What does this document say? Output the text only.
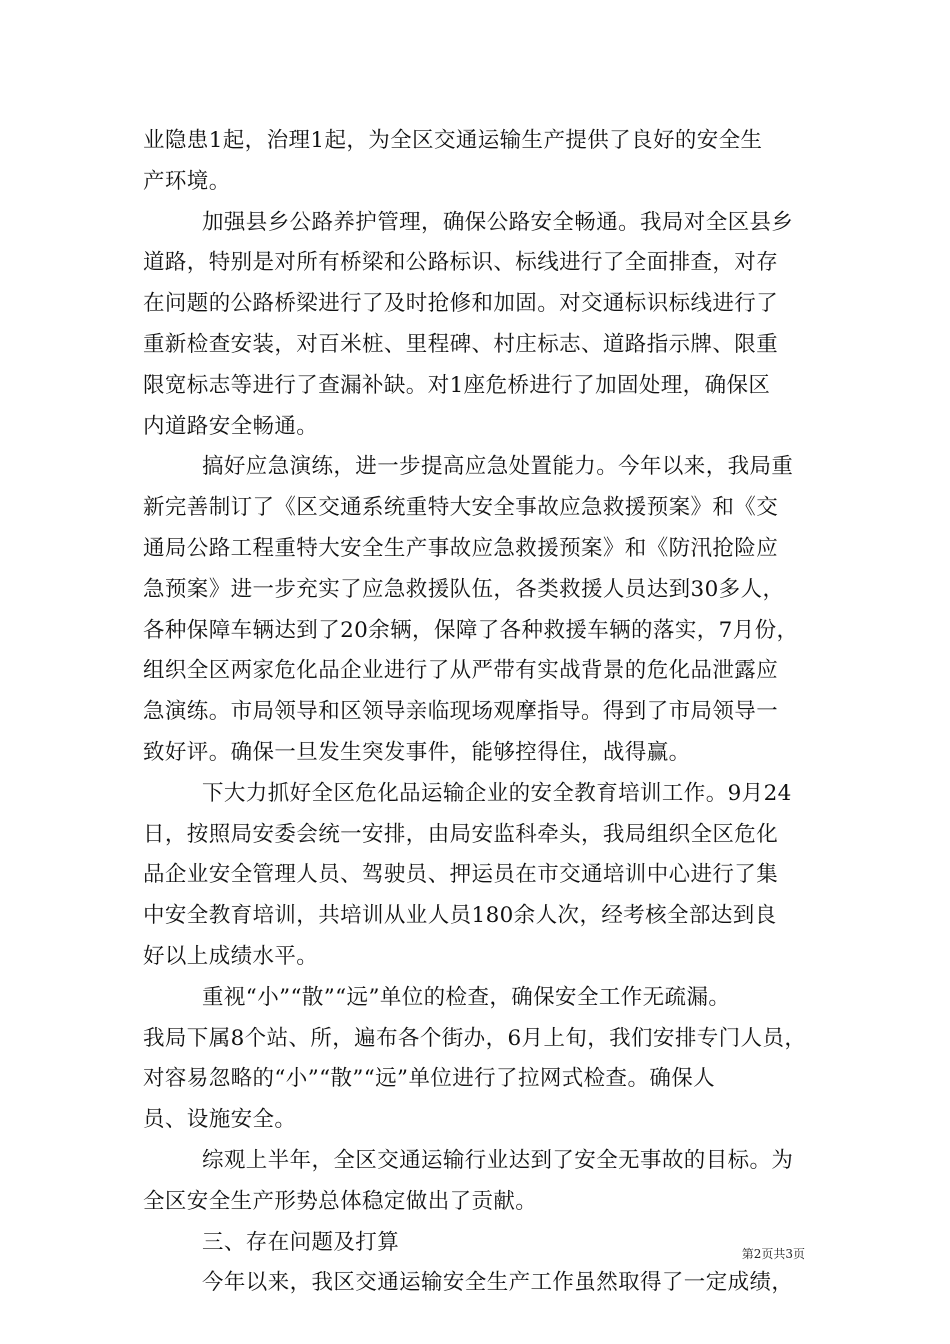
业隐患1起，治理1起，为全区交通运输生产提供了良好的安全生
产环境。
加强县乡公路养护管理，确保公路安全畅通。我局对全区县乡
道路，特别是对所有桥梁和公路标识、标线进行了全面排查，对存
在问题的公路桥梁进行了及时抢修和加固。对交通标识标线进行了
重新检查安装，对百米桩、里程碑、村庄标志、道路指示牌、限重
限宽标志等进行了查漏补缺。对1座危桥进行了加固处理，确保区
内道路安全畅通。
搞好应急演练，进一步提高应急处置能力。今年以来，我局重
新完善制订了《区交通系统重特大安全事故应急救援预案》和《交
通局公路工程重特大安全生产事故应急救援预案》和《防汛抢险应
急预案》进一步充实了应急救援队伍，各类救援人员达到30多人，
各种保障车辆达到了20余辆，保障了各种救援车辆的落实，7月份，
组织全区两家危化品企业进行了从严带有实战背景的危化品泄露应
急演练。市局领导和区领导亲临现场观摩指导。得到了市局领导一
致好评。确保一旦发生突发事件，能够控得住，战得赢。
下大力抓好全区危化品运输企业的安全教育培训工作。9月24
日，按照局安委会统一安排，由局安监科牵头，我局组织全区危化
品企业安全管理人员、驾驶员、押运员在市交通培训中心进行了集
中安全教育培训，共培训从业人员180余人次，经考核全部达到良
好以上成绩水平。
重视“小”“散”“远”单位的检查，确保安全工作无疏漏。
我局下属8个站、所，遍布各个街办，6月上旬，我们安排专门人员，
对容易忽略的“小”“散”“远”单位进行了拉网式检查。确保人
员、设施安全。
综观上半年，全区交通运输行业达到了安全无事故的目标。为
全区安全生产形势总体稳定做出了贡献。
三、存在问题及打算
今年以来，我区交通运输安全生产工作虽然取得了一定成绩，
第2页共3页
